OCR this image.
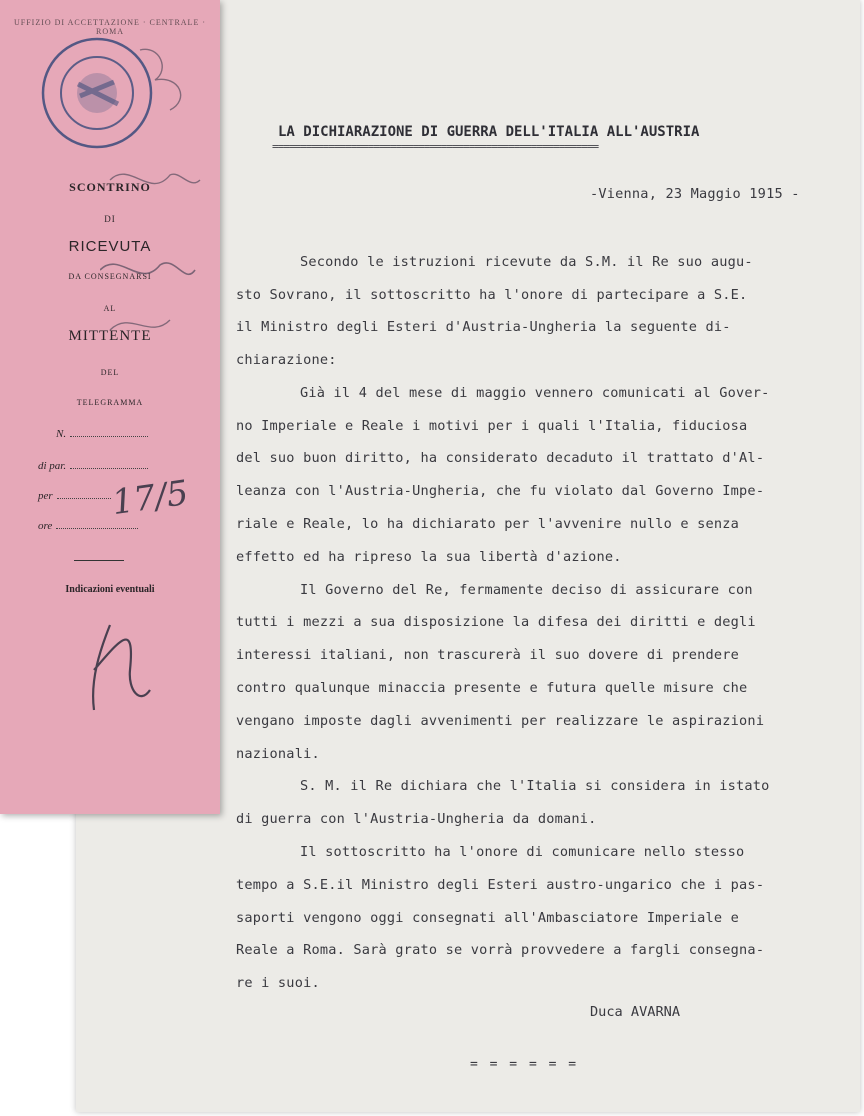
LA DICHIARAZIONE DI GUERRA DELL'ITALIA ALL'AUSTRIA
==========================================================
-Vienna, 23 Maggio 1915 -
Secondo le istruzioni ricevute da S.M. il Re suo augu-
sto Sovrano, il sottoscritto ha l'onore di partecipare a S.E.
il Ministro degli Esteri d'Austria-Ungheria la seguente di-
chiarazione:
Già il 4 del mese di maggio vennero comunicati al Gover-
no Imperiale e Reale i motivi per i quali l'Italia, fiduciosa
del suo buon diritto, ha considerato decaduto il trattato d'Al-
leanza con l'Austria-Ungheria, che fu violato dal Governo Impe-
riale e Reale, lo ha dichiarato per l'avvenire nullo e senza
effetto ed ha ripreso la sua libertà d'azione.
Il Governo del Re, fermamente deciso di assicurare con
tutti i mezzi a sua disposizione la difesa dei diritti e degli
interessi italiani, non trascurerà il suo dovere di prendere
contro qualunque minaccia presente e futura quelle misure che
vengano imposte dagli avvenimenti per realizzare le aspirazioni
nazionali.
S. M. il Re dichiara che l'Italia si considera in istato
di guerra con l'Austria-Ungheria da domani.
Il sottoscritto ha l'onore di comunicare nello stesso
tempo a S.E.il Ministro degli Esteri austro-ungarico che i pas-
saporti vengono oggi consegnati all'Ambasciatore Imperiale e
Reale a Roma. Sarà grato se vorrà provvedere a fargli consegna-
re i suoi.
Duca AVARNA
= = = = = =
UFFIZIO DI ACCETTAZIONE · CENTRALE · ROMA
SCONTRINO
DI
RICEVUTA
DA CONSEGNARSI
AL
MITTENTE
DEL
TELEGRAMMA
N.
di par.
per
ore
17/5
Indicazioni eventuali
